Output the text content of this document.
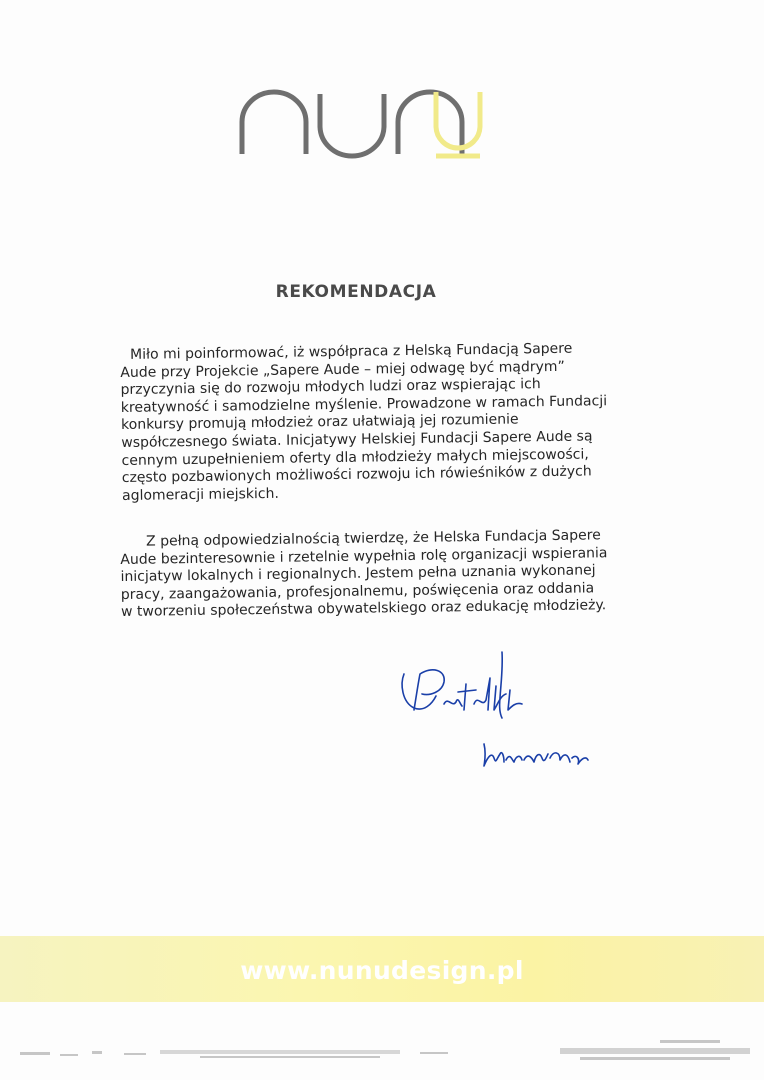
REKOMENDACJA
Miło mi poinformować, iż współpraca z Helską Fundacją Sapere
Aude przy Projekcie „Sapere Aude – miej odwagę być mądrym”
przyczynia się do rozwoju młodych ludzi oraz wspierając ich
kreatywność i samodzielne myślenie. Prowadzone w ramach Fundacji
konkursy promują młodzież oraz ułatwiają jej rozumienie
współczesnego świata. Inicjatywy Helskiej Fundacji Sapere Aude są
cennym uzupełnieniem oferty dla młodzieży małych miejscowości,
często pozbawionych możliwości rozwoju ich rówieśników z dużych
aglomeracji miejskich.
Z pełną odpowiedzialnością twierdzę, że Helska Fundacja Sapere
Aude bezinteresownie i rzetelnie wypełnia rolę organizacji wspierania
inicjatyw lokalnych i regionalnych. Jestem pełna uznania wykonanej
pracy, zaangażowania, profesjonalnemu, poświęcenia oraz oddania
w tworzeniu społeczeństwa obywatelskiego oraz edukację młodzieży.
www.nunudesign.pl
